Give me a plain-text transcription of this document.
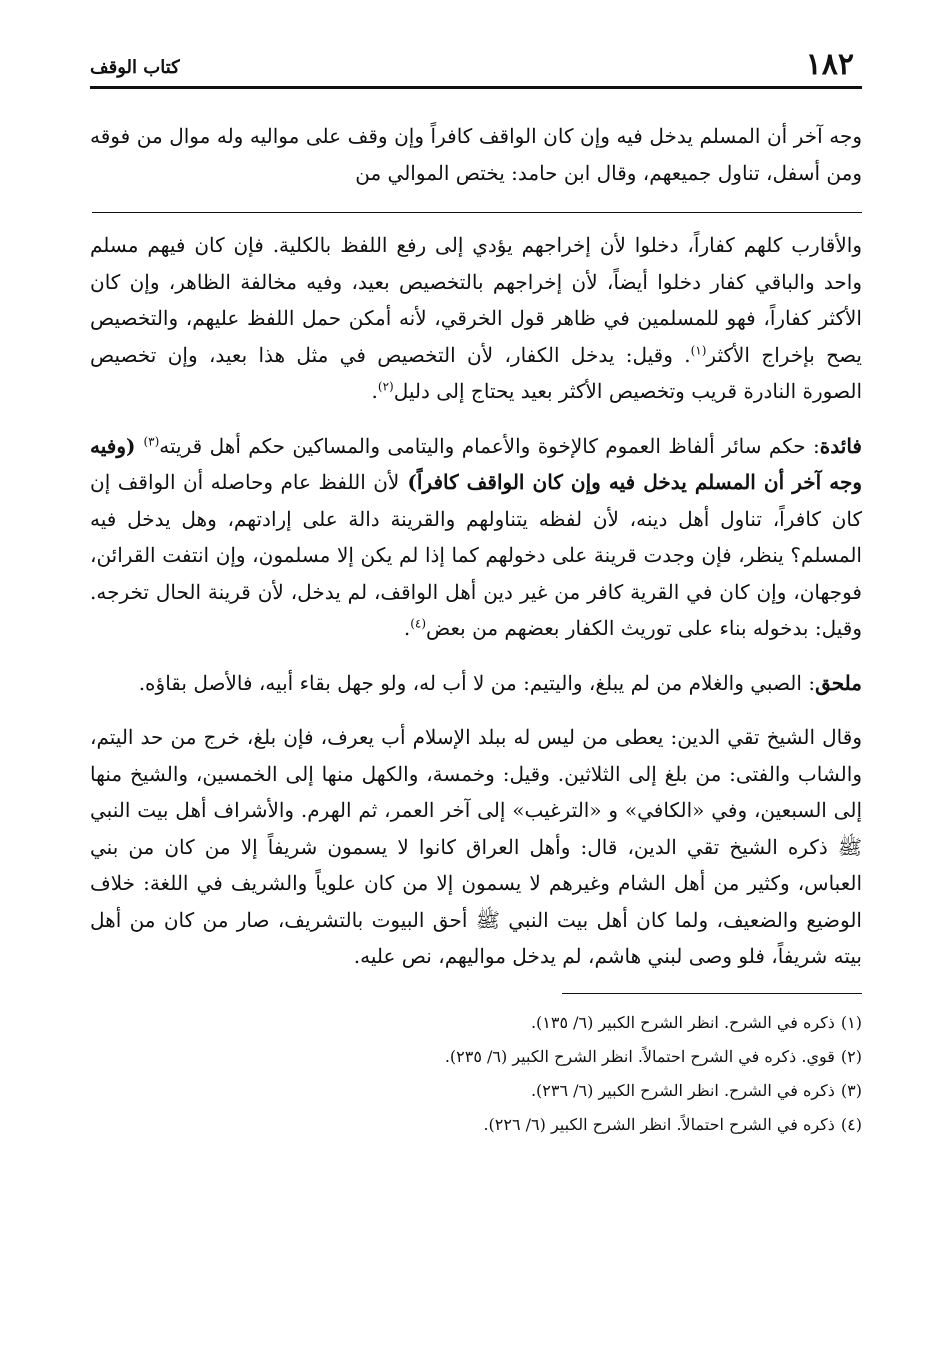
١٨٢
كتاب الوقف

وجه آخر أن المسلم يدخل فيه وإن كان الواقف كافراً وإن وقف على مواليه وله موال من فوقه ومن أسفل، تناول جميعهم، وقال ابن حامد: يختص الموالي من

والأقارب كلهم كفاراً، دخلوا لأن إخراجهم يؤدي إلى رفع اللفظ بالكلية. فإن كان فيهم مسلم واحد والباقي كفار دخلوا أيضاً، لأن إخراجهم بالتخصيص بعيد، وفيه مخالفة الظاهر، وإن كان الأكثر كفاراً، فهو للمسلمين في ظاهر قول الخرقي، لأنه أمكن حمل اللفظ عليهم، والتخصيص يصح بإخراج الأكثر$^{(١)}$. وقيل: يدخل الكفار، لأن التخصيص في مثل هذا بعيد، وإن تخصيص الصورة النادرة قريب وتخصيص الأكثر بعيد يحتاج إلى دليل$^{(٢)}$.

فائدة: حكم سائر ألفاظ العموم كالإخوة والأعمام واليتامى والمساكين حكم أهل قريته$^{(٣)}$ (وفيه وجه آخر أن المسلم يدخل فيه وإن كان الواقف كافراً) لأن اللفظ عام وحاصله أن الواقف إن كان كافراً، تناول أهل دينه، لأن لفظه يتناولهم والقرينة دالة على إرادتهم، وهل يدخل فيه المسلم؟ ينظر، فإن وجدت قرينة على دخولهم كما إذا لم يكن إلا مسلمون، وإن انتفت القرائن، فوجهان، وإن كان في القرية كافر من غير دين أهل الواقف، لم يدخل، لأن قرينة الحال تخرجه. وقيل: بدخوله بناء على توريث الكفار بعضهم من بعض$^{(٤)}$.

ملحق: الصبي والغلام من لم يبلغ، واليتيم: من لا أب له، ولو جهل بقاء أبيه، فالأصل بقاؤه.

وقال الشيخ تقي الدين: يعطى من ليس له ببلد الإسلام أب يعرف، فإن بلغ، خرج من حد اليتم، والشاب والفتى: من بلغ إلى الثلاثين. وقيل: وخمسة، والكهل منها إلى الخمسين، والشيخ منها إلى السبعين، وفي «الكافي» و «الترغيب» إلى آخر العمر، ثم الهرم. والأشراف أهل بيت النبي ﷺ ذكره الشيخ تقي الدين، قال: وأهل العراق كانوا لا يسمون شريفاً إلا من كان من بني العباس، وكثير من أهل الشام وغيرهم لا يسمون إلا من كان علوياً والشريف في اللغة: خلاف الوضيع والضعيف، ولما كان أهل بيت النبي ﷺ أحق البيوت بالتشريف، صار من كان من أهل بيته شريفاً، فلو وصى لبني هاشم، لم يدخل مواليهم، نص عليه.

(١)ذكره في الشرح. انظر الشرح الكبير (٦/ ١٣٥).
(٢)قوي. ذكره في الشرح احتمالاً. انظر الشرح الكبير (٦/ ٢٣٥).
(٣)ذكره في الشرح. انظر الشرح الكبير (٦/ ٢٣٦).
(٤)ذكره في الشرح احتمالاً. انظر الشرح الكبير (٦/ ٢٢٦).
